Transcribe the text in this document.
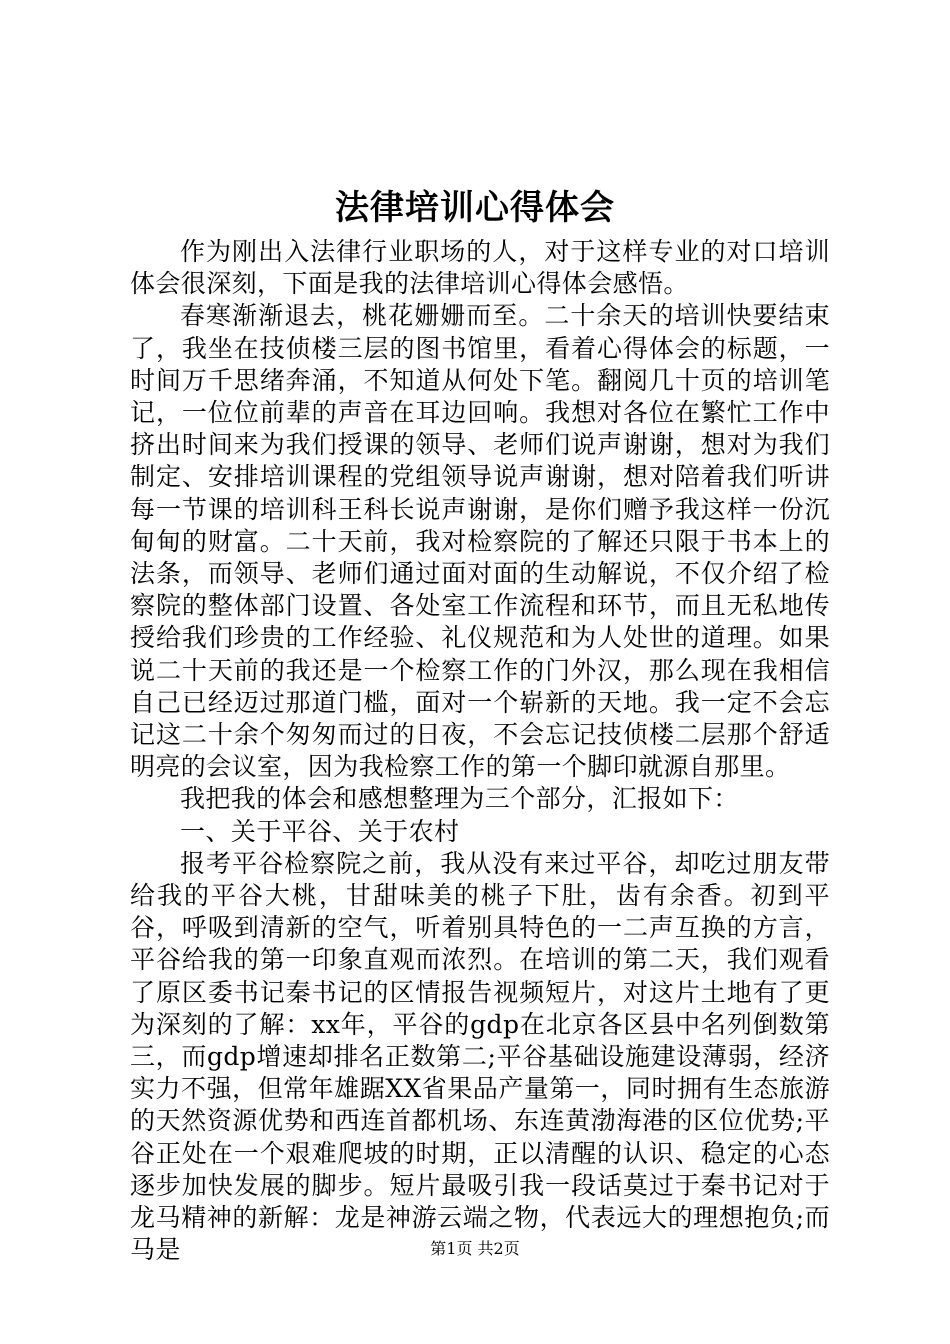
法律培训心得体会

作为刚出入法律行业职场的人，对于这样专业的对口培训体会很深刻，下面是我的法律培训心得体会感悟。

春寒渐渐退去，桃花姗姗而至。二十余天的培训快要结束了，我坐在技侦楼三层的图书馆里，看着心得体会的标题，一时间万千思绪奔涌，不知道从何处下笔。翻阅几十页的培训笔记，一位位前辈的声音在耳边回响。我想对各位在繁忙工作中挤出时间来为我们授课的领导、老师们说声谢谢，想对为我们制定、安排培训课程的党组领导说声谢谢，想对陪着我们听讲每一节课的培训科王科长说声谢谢，是你们赠予我这样一份沉甸甸的财富。二十天前，我对检察院的了解还只限于书本上的法条，而领导、老师们通过面对面的生动解说，不仅介绍了检察院的整体部门设置、各处室工作流程和环节，而且无私地传授给我们珍贵的工作经验、礼仪规范和为人处世的道理。如果说二十天前的我还是一个检察工作的门外汉，那么现在我相信自己已经迈过那道门槛，面对一个崭新的天地。我一定不会忘记这二十余个匆匆而过的日夜，不会忘记技侦楼二层那个舒适明亮的会议室，因为我检察工作的第一个脚印就源自那里。

我把我的体会和感想整理为三个部分，汇报如下：

一、关于平谷、关于农村

报考平谷检察院之前，我从没有来过平谷，却吃过朋友带给我的平谷大桃，甘甜味美的桃子下肚，齿有余香。初到平谷，呼吸到清新的空气，听着别具特色的一二声互换的方言，平谷给我的第一印象直观而浓烈。在培训的第二天，我们观看了原区委书记秦书记的区情报告视频短片，对这片土地有了更为深刻的了解：xx年，平谷的gdp在北京各区县中名列倒数第三，而gdp增速却排名正数第二;平谷基础设施建设薄弱，经济实力不强，但常年雄踞XX省果品产量第一，同时拥有生态旅游的天然资源优势和西连首都机场、东连黄渤海港的区位优势;平谷正处在一个艰难爬坡的时期，正以清醒的认识、稳定的心态逐步加快发展的脚步。短片最吸引我一段话莫过于秦书记对于龙马精神的新解：龙是神游云端之物，代表远大的理想抱负;而马是	第1页 共2页
